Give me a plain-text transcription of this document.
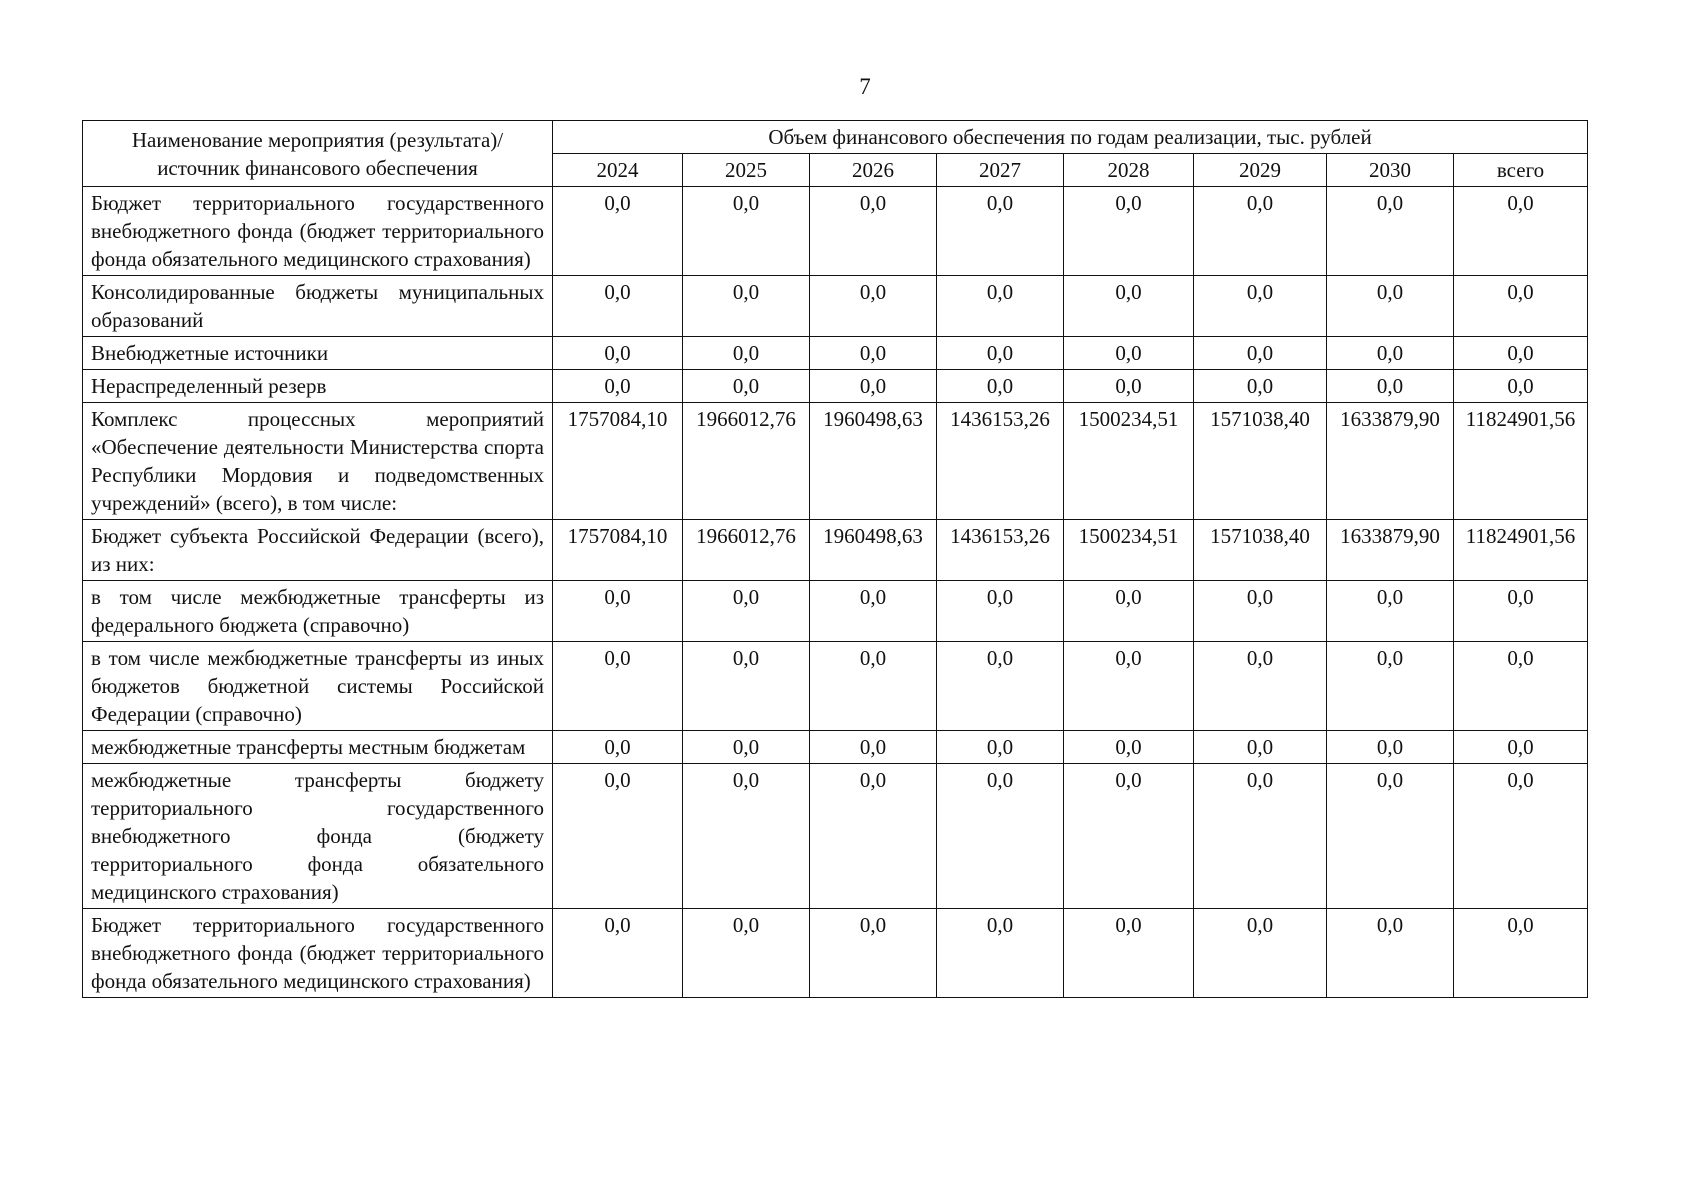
7
Наименование мероприятия (результата)/источник финансового обеспечения	Объем финансового обеспечения по годам реализации, тыс. рублей							
	2024	2025	2026	2027	2028	2029	2030	всего
Бюджет территориального государственного внебюджетного фонда (бюджет территориального фонда обязательного медицинского страхования)	0,0	0,0	0,0	0,0	0,0	0,0	0,0	0,0
Консолидированные бюджеты муниципальных образований	0,0	0,0	0,0	0,0	0,0	0,0	0,0	0,0
Внебюджетные источники	0,0	0,0	0,0	0,0	0,0	0,0	0,0	0,0
Нераспределенный резерв	0,0	0,0	0,0	0,0	0,0	0,0	0,0	0,0
Комплекс процессных мероприятий «Обеспечение деятельности Министерства спорта Республики Мордовия и подведомственных учреждений» (всего), в том числе:	1757084,10	1966012,76	1960498,63	1436153,26	1500234,51	1571038,40	1633879,90	11824901,56
Бюджет субъекта Российской Федерации (всего), из них:	1757084,10	1966012,76	1960498,63	1436153,26	1500234,51	1571038,40	1633879,90	11824901,56
в том числе межбюджетные трансферты из федерального бюджета (справочно)	0,0	0,0	0,0	0,0	0,0	0,0	0,0	0,0
в том числе межбюджетные трансферты из иных бюджетов бюджетной системы Российской Федерации (справочно)	0,0	0,0	0,0	0,0	0,0	0,0	0,0	0,0
межбюджетные трансферты местным бюджетам	0,0	0,0	0,0	0,0	0,0	0,0	0,0	0,0
межбюджетные трансферты бюджету территориального государственного внебюджетного фонда (бюджету территориального фонда обязательного медицинского страхования)	0,0	0,0	0,0	0,0	0,0	0,0	0,0	0,0
Бюджет территориального государственного внебюджетного фонда (бюджет территориального фонда обязательного медицинского страхования)	0,0	0,0	0,0	0,0	0,0	0,0	0,0	0,0
